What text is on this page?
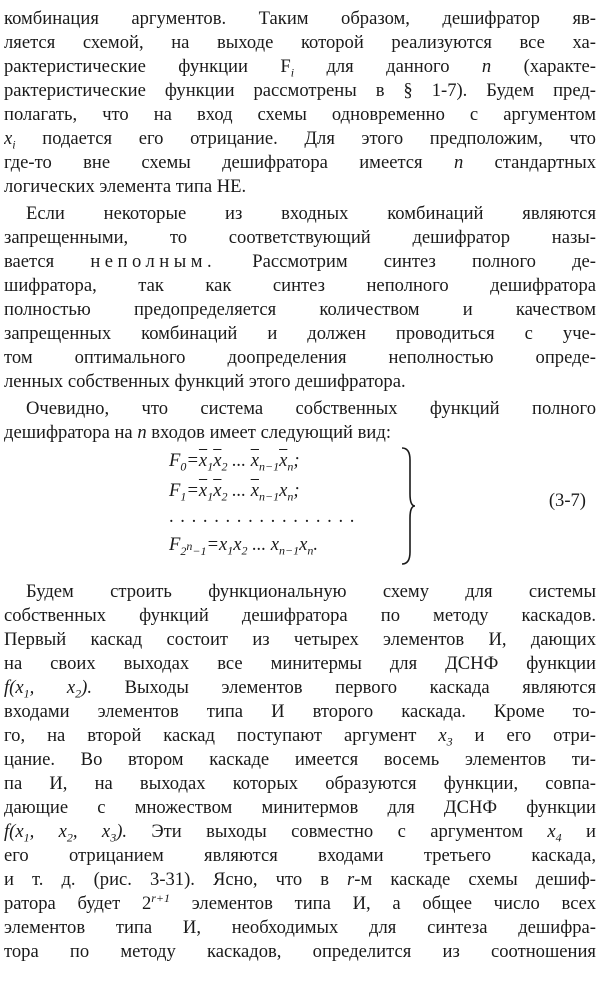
комбинация аргументов. Таким образом, дешифратор яв-
ляется схемой, на выходе которой реализуются все ха-
рактеристические функции $F_i$ для данного n (характе-
рактеристические функции рассмотрены в § 1-7). Будем пред-
полагать, что на вход схемы одновременно с аргументом
$x_i$ подается его отрицание. Для этого предположим, что
где-то вне схемы дешифратора имеется n стандартных
логических элемента типа НЕ.
Если некоторые из входных комбинаций являются
запрещенными, то соответствующий дешифратор назы-
вается неполным. Рассмотрим синтез полного де-
шифратора, так как синтез неполного дешифратора
полностью предопределяется количеством и качеством
запрещенных комбинаций и должен проводиться с уче-
том оптимального доопределения неполностью опреде-
ленных собственных функций этого дешифратора.
Очевидно, что система собственных функций полного
дешифратора на n входов имеет следующий вид:
$F_0=\overline{x}_1\overline{x}_2$ ... $\overline{x}_{n-1}\overline{x}_n$;
$F_1=\overline{x}_1\overline{x}_2$ ... $\overline{x}_{n-1}x_n$;
. . . . . . . . . . . . . . . . .
$F_{2^n-1}=x_1x_2$ ... $x_{n-1}x_n$.
(3-7)
Будем строить функциональную схему для системы
собственных функций дешифратора по методу каскадов.
Первый каскад состоит из четырех элементов И, дающих
на своих выходах все минитермы для ДСНФ функции
$f(x_1$, $x_2$). Выходы элементов первого каскада являются
входами элементов типа И второго каскада. Кроме то-
го, на второй каскад поступают аргумент $x_3$ и его отри-
цание. Во втором каскаде имеется восемь элементов ти-
па И, на выходах которых образуются функции, совпа-
дающие с множеством минитермов для ДСНФ функции
$f(x_1$, $x_2$, $x_3$). Эти выходы совместно с аргументом $x_4$ и
его отрицанием являются входами третьего каскада,
и т. д. (рис. 3-31). Ясно, что в r-м каскаде схемы дешиф-
ратора будет $2^{r+1}$ элементов типа И, а общее число всех
элементов типа И, необходимых для синтеза дешифра-
тора по методу каскадов, определится из соотношения
